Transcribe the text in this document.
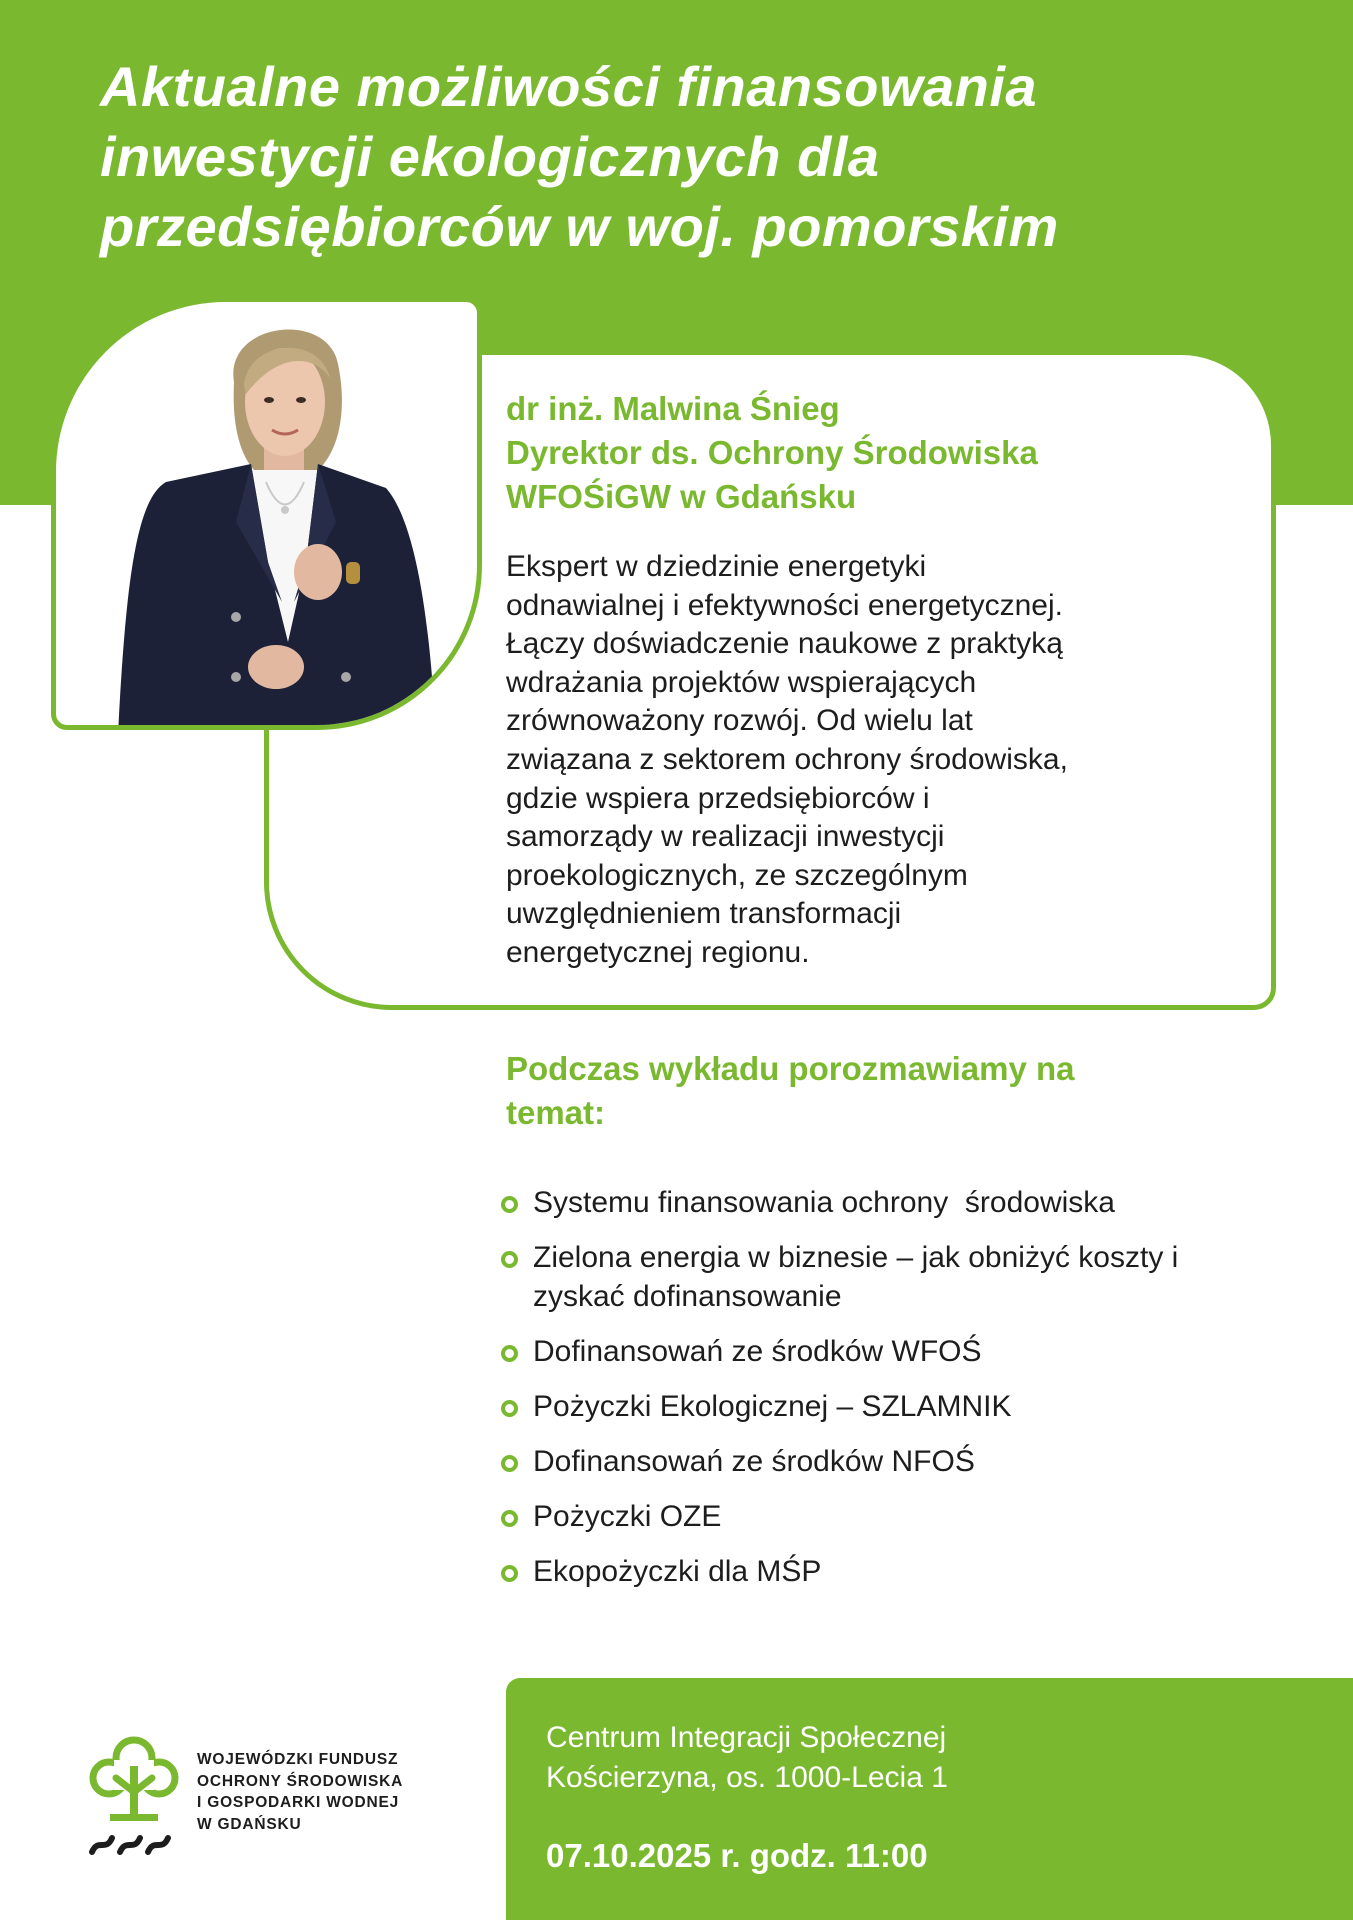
Aktualne możliwości finansowania
inwestycji ekologicznych dla
przedsiębiorców w woj. pomorskim

dr inż. Malwina Śnieg
Dyrektor ds. Ochrony Środowiska
WFOŚiGW w Gdańsku

Ekspert w dziedzinie energetyki
odnawialnej i efektywności energetycznej.
Łączy doświadczenie naukowe z praktyką
wdrażania projektów wspierających
zrównoważony rozwój. Od wielu lat
związana z sektorem ochrony środowiska,
gdzie wspiera przedsiębiorców i
samorządy w realizacji inwestycji
proekologicznych, ze szczególnym
uwzględnieniem transformacji
energetycznej regionu.

Podczas wykładu porozmawiamy na
temat:
Systemu finansowania ochrony  środowiska
Zielona energia w biznesie – jak obniżyć koszty i zyskać dofinansowanie
Dofinansowań ze środków WFOŚ
Pożyczki Ekologicznej – SZLAMNIK
Dofinansowań ze środków NFOŚ
Pożyczki OZE
Ekopożyczki dla MŚP

WOJEWÓDZKI FUNDUSZ
OCHRONY ŚRODOWISKA
I GOSPODARKI WODNEJ
W GDAŃSKU

Centrum Integracji Społecznej
Kościerzyna, os. 1000-Lecia 1

07.10.2025 r. godz. 11:00
